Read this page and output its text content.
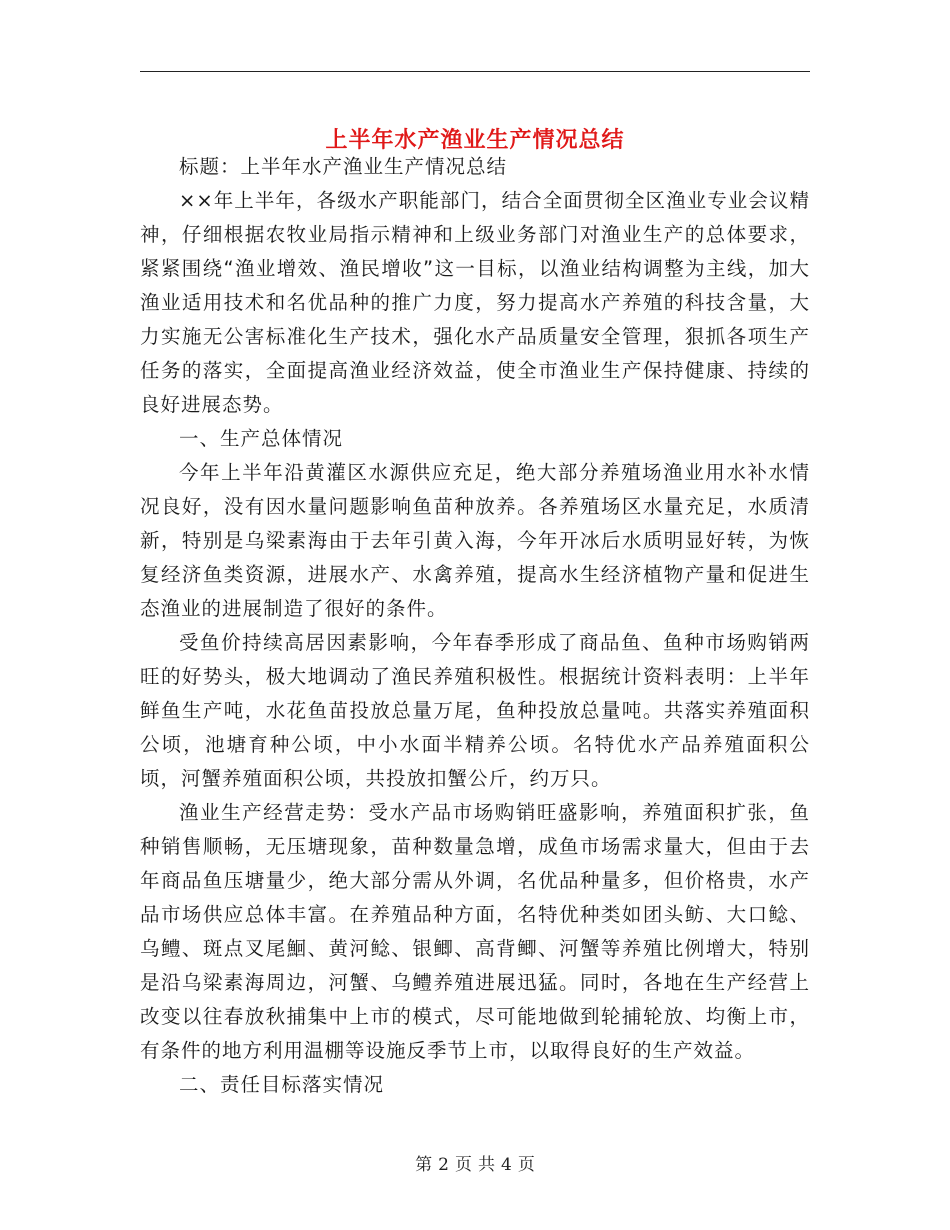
上半年水产渔业生产情况总结

标题：上半年水产渔业生产情况总结

××年上半年，各级水产职能部门，结合全面贯彻全区渔业专业会议精神，仔细根据农牧业局指示精神和上级业务部门对渔业生产的总体要求，紧紧围绕“渔业增效、渔民增收”这一目标，以渔业结构调整为主线，加大渔业适用技术和名优品种的推广力度，努力提高水产养殖的科技含量，大力实施无公害标准化生产技术，强化水产品质量安全管理，狠抓各项生产任务的落实，全面提高渔业经济效益，使全市渔业生产保持健康、持续的良好进展态势。

一、生产总体情况

今年上半年沿黄灌区水源供应充足，绝大部分养殖场渔业用水补水情况良好，没有因水量问题影响鱼苗种放养。各养殖场区水量充足，水质清新，特别是乌梁素海由于去年引黄入海，今年开冰后水质明显好转，为恢复经济鱼类资源，进展水产、水禽养殖，提高水生经济植物产量和促进生态渔业的进展制造了很好的条件。

受鱼价持续高居因素影响，今年春季形成了商品鱼、鱼种市场购销两旺的好势头，极大地调动了渔民养殖积极性。根据统计资料表明：上半年鲜鱼生产吨，水花鱼苗投放总量万尾，鱼种投放总量吨。共落实养殖面积公顷，池塘育种公顷，中小水面半精养公顷。名特优水产品养殖面积公顷，河蟹养殖面积公顷，共投放扣蟹公斤，约万只。

渔业生产经营走势：受水产品市场购销旺盛影响，养殖面积扩张，鱼种销售顺畅，无压塘现象，苗种数量急增，成鱼市场需求量大，但由于去年商品鱼压塘量少，绝大部分需从外调，名优品种量多，但价格贵，水产品市场供应总体丰富。在养殖品种方面，名特优种类如团头鲂、大口鲶、乌鳢、斑点叉尾鮰、黄河鲶、银鲫、高背鲫、河蟹等养殖比例增大，特别是沿乌梁素海周边，河蟹、乌鳢养殖进展迅猛。同时，各地在生产经营上改变以往春放秋捕集中上市的模式，尽可能地做到轮捕轮放、均衡上市，有条件的地方利用温棚等设施反季节上市，以取得良好的生产效益。

二、责任目标落实情况

第 2 页 共 4 页
